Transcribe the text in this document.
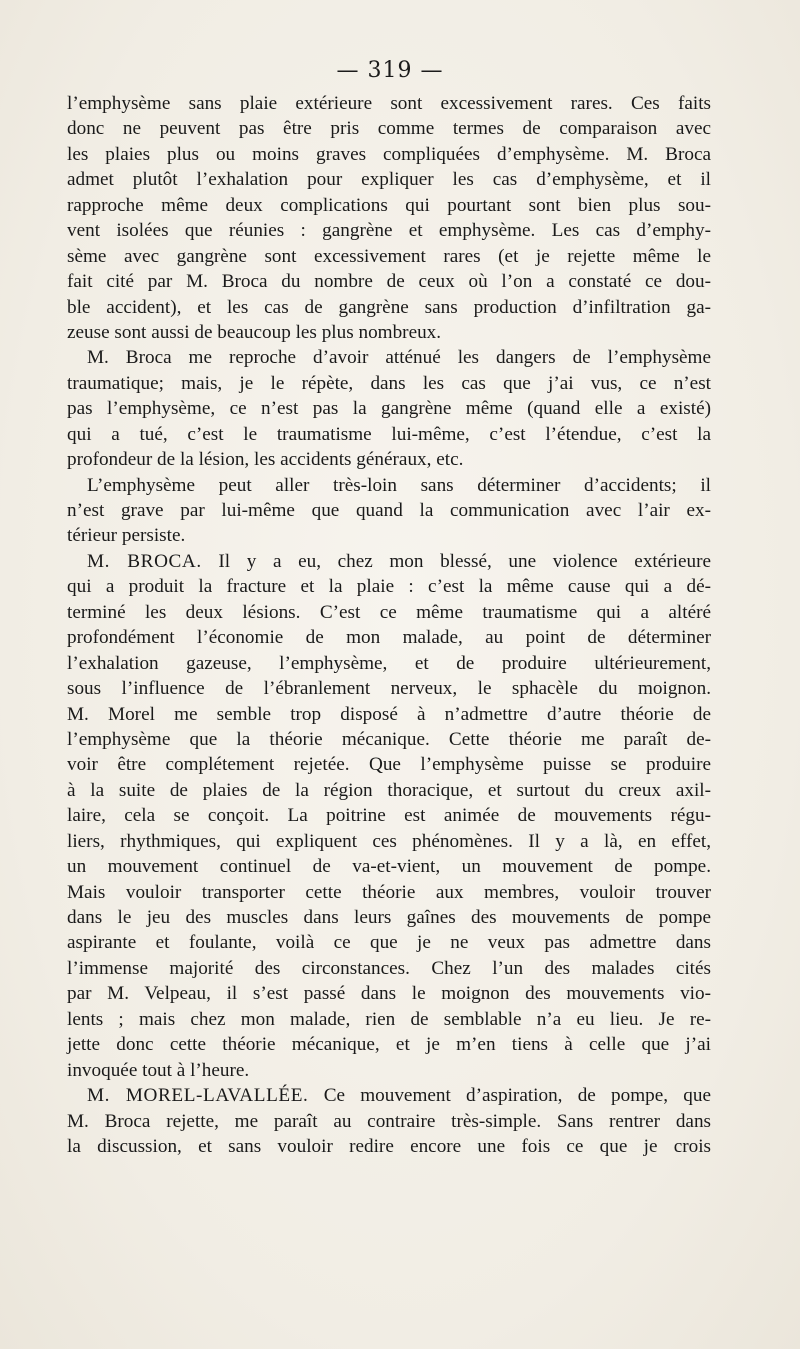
— 319 —
l’emphysème sans plaie extérieure sont excessivement rares. Ces faits
donc ne peuvent pas être pris comme termes de comparaison avec
les plaies plus ou moins graves compliquées d’emphysème. M. Broca
admet plutôt l’exhalation pour expliquer les cas d’emphysème, et il
rapproche même deux complications qui pourtant sont bien plus sou-
vent isolées que réunies : gangrène et emphysème. Les cas d’emphy-
sème avec gangrène sont excessivement rares (et je rejette même le
fait cité par M. Broca du nombre de ceux où l’on a constaté ce dou-
ble accident), et les cas de gangrène sans production d’infiltration ga-
zeuse sont aussi de beaucoup les plus nombreux.
M. Broca me reproche d’avoir atténué les dangers de l’emphysème
traumatique; mais, je le répète, dans les cas que j’ai vus, ce n’est
pas l’emphysème, ce n’est pas la gangrène même (quand elle a existé)
qui a tué, c’est le traumatisme lui-même, c’est l’étendue, c’est la
profondeur de la lésion, les accidents généraux, etc.
L’emphysème peut aller très-loin sans déterminer d’accidents; il
n’est grave par lui-même que quand la communication avec l’air ex-
térieur persiste.
M. BROCA. Il y a eu, chez mon blessé, une violence extérieure
qui a produit la fracture et la plaie : c’est la même cause qui a dé-
terminé les deux lésions. C’est ce même traumatisme qui a altéré
profondément l’économie de mon malade, au point de déterminer
l’exhalation gazeuse, l’emphysème, et de produire ultérieurement,
sous l’influence de l’ébranlement nerveux, le sphacèle du moignon.
M. Morel me semble trop disposé à n’admettre d’autre théorie de
l’emphysème que la théorie mécanique. Cette théorie me paraît de-
voir être complétement rejetée. Que l’emphysème puisse se produire
à la suite de plaies de la région thoracique, et surtout du creux axil-
laire, cela se conçoit. La poitrine est animée de mouvements régu-
liers, rhythmiques, qui expliquent ces phénomènes. Il y a là, en effet,
un mouvement continuel de va-et-vient, un mouvement de pompe.
Mais vouloir transporter cette théorie aux membres, vouloir trouver
dans le jeu des muscles dans leurs gaînes des mouvements de pompe
aspirante et foulante, voilà ce que je ne veux pas admettre dans
l’immense majorité des circonstances. Chez l’un des malades cités
par M. Velpeau, il s’est passé dans le moignon des mouvements vio-
lents ; mais chez mon malade, rien de semblable n’a eu lieu. Je re-
jette donc cette théorie mécanique, et je m’en tiens à celle que j’ai
invoquée tout à l’heure.
M. MOREL-LAVALLÉE. Ce mouvement d’aspiration, de pompe, que
M. Broca rejette, me paraît au contraire très-simple. Sans rentrer dans
la discussion, et sans vouloir redire encore une fois ce que je crois
